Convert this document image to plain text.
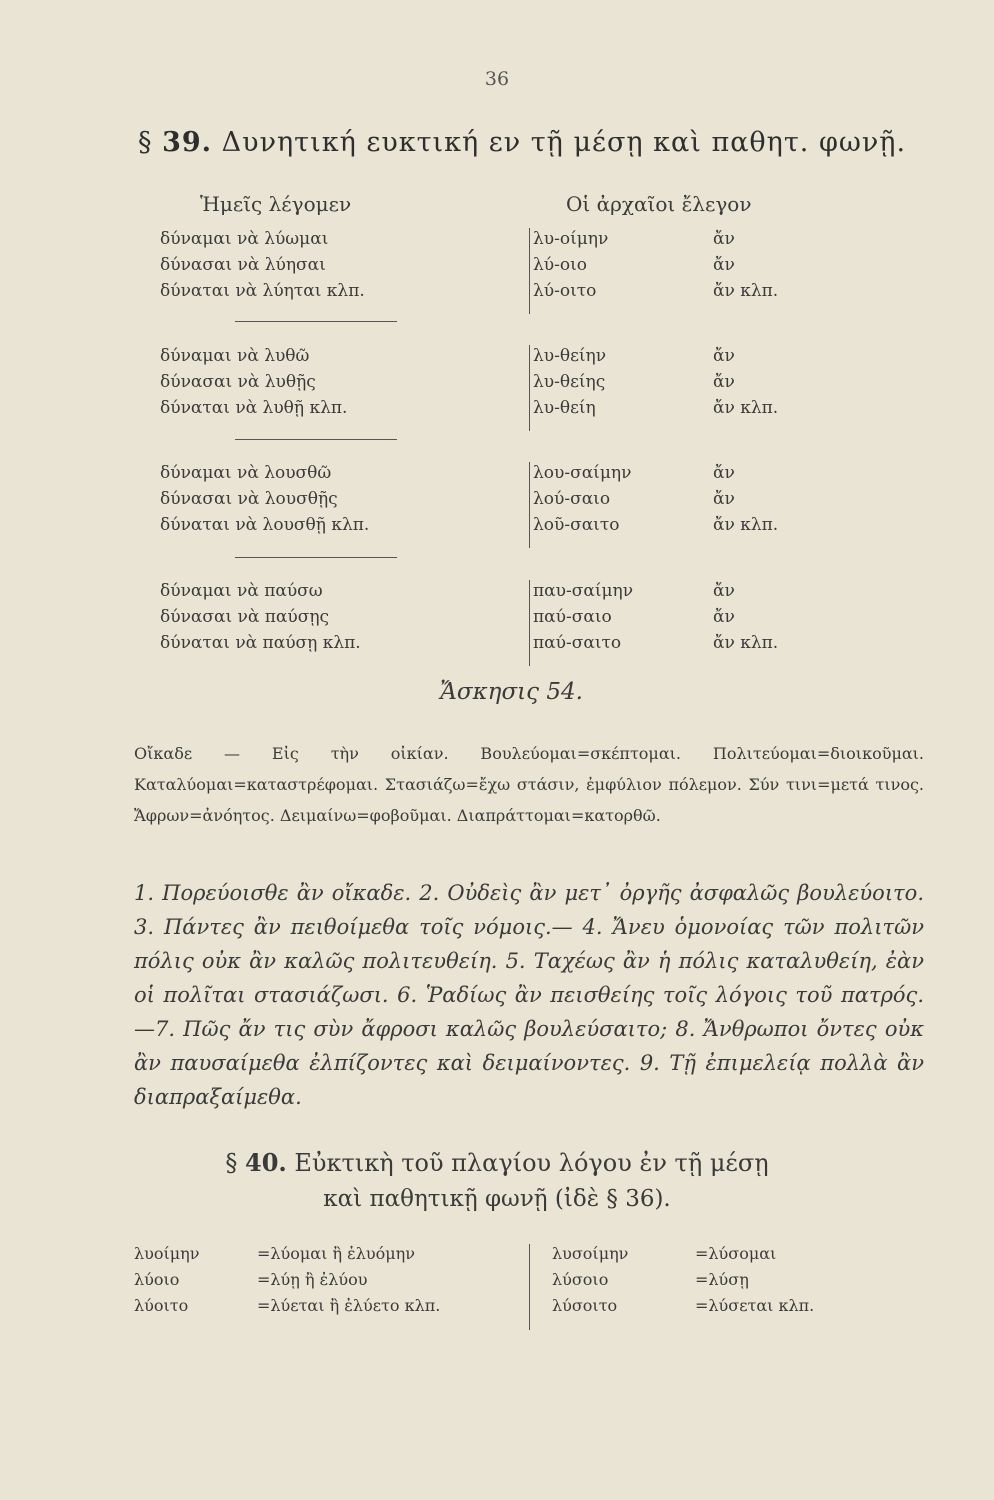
36
§ 39. Δυνητική ευκτική εν τῇ μέσῃ καὶ παθητ. φωνῇ.
Ἡμεῖς λέγομεν	Οἱ ἀρχαῖοι ἔλεγον
δύναμαι νὰ λύωμαι
δύνασαι νὰ λύησαι
δύναται νὰ λύηται κλπ.
λυ-οίμην
λύ-οιο
λύ-οιτο
ἄν
ἄν
ἄν κλπ.
δύναμαι νὰ λυθῶ
δύνασαι νὰ λυθῇς
δύναται νὰ λυθῇ κλπ.
λυ-θείην
λυ-θείης
λυ-θείη
ἄν
ἄν
ἄν κλπ.
δύναμαι νὰ λουσθῶ
δύνασαι νὰ λουσθῇς
δύναται νὰ λουσθῇ κλπ.
λου-σαίμην
λού-σαιο
λοῦ-σαιτο
ἄν
ἄν
ἄν κλπ.
δύναμαι νὰ παύσω
δύνασαι νὰ παύσῃς
δύναται νὰ παύσῃ κλπ.
παυ-σαίμην
παύ-σαιο
παύ-σαιτο
ἄν
ἄν
ἄν κλπ.
Ἄσκησις 54.
Οἴκαδε — Εἰς τὴν οἰκίαν. Βουλεύομαι=σκέπτομαι. Πολιτεύομαι=διοικοῦμαι. Καταλύομαι=καταστρέφομαι. Στασιάζω=ἔχω στάσιν, ἐμφύλιον πόλεμον. Σύν τινι=μετά τινος. Ἄφρων=ἀνόητος. Δειμαίνω=φοβοῦμαι. Διαπράττομαι=κατορθῶ.
1. Πορεύοισθε ἂν οἴκαδε. 2. Οὐδεὶς ἂν μετ᾽ ὀργῆς ἀσφαλῶς βουλεύοιτο. 3. Πάντες ἂν πειθοίμεθα τοῖς νόμοις.— 4. Ἄνευ ὁμονοίας τῶν πολιτῶν πόλις οὐκ ἂν καλῶς πολιτευθείη. 5. Ταχέως ἂν ἡ πόλις καταλυθείη, ἐὰν οἱ πολῖται στασιάζωσι. 6. Ῥαδίως ἂν πεισθείης τοῖς λόγοις τοῦ πατρός. —7. Πῶς ἄν τις σὺν ἄφροσι καλῶς βουλεύσαιτο; 8. Ἄνθρωποι ὄντες οὐκ ἂν παυσαίμεθα ἐλπίζοντες καὶ δειμαίνοντες. 9. Τῇ ἐπιμελείᾳ πολλὰ ἂν διαπραξαίμεθα.
§ 40. Εὐκτικὴ τοῦ πλαγίου λόγου ἐν τῇ μέσῃ
καὶ παθητικῇ φωνῇ (ἰδὲ § 36).
λυοίμην
λύοιο
λύοιτο
=λύομαι ἢ ἐλυόμην
=λύῃ ἢ ἐλύου
=λύεται ἢ ἐλύετο κλπ.
λυσοίμην
λύσοιο
λύσοιτο
=λύσομαι
=λύσῃ
=λύσεται κλπ.
